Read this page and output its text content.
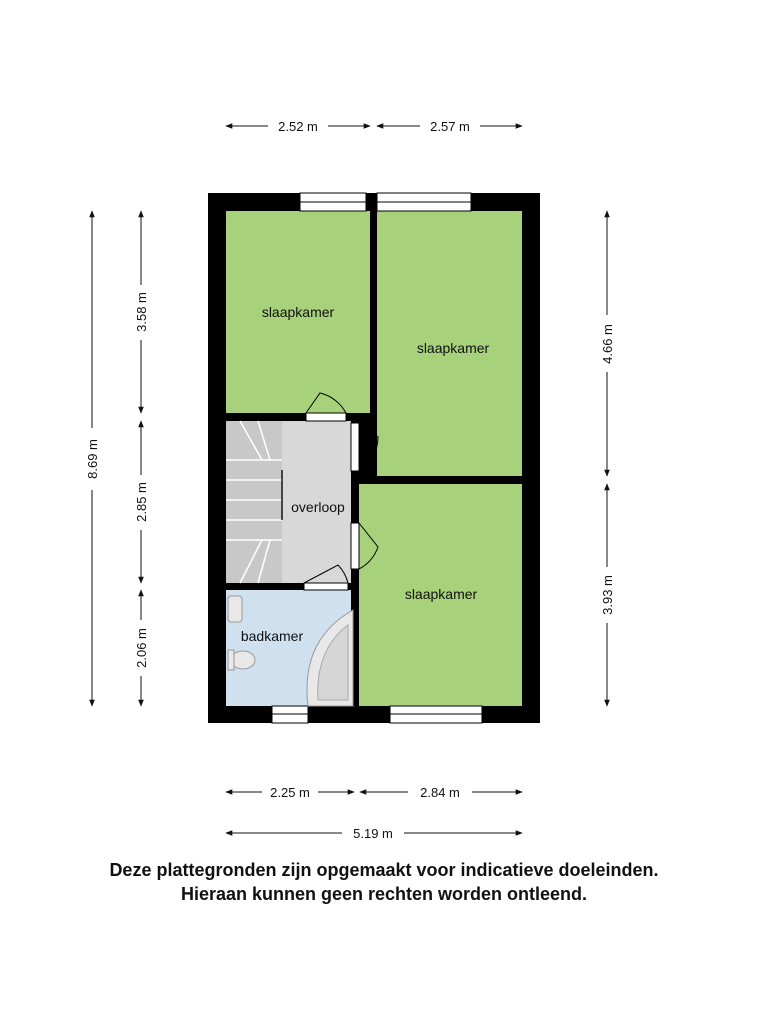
slaapkamer
slaapkamer
overloop
slaapkamer
badkamer
2.52 m	2.57 m
2.25 m	2.84 m
5.19 m
8.69 m
3.58 m
2.85 m
2.06 m
4.66 m
3.93 m
Deze plattegronden zijn opgemaakt voor indicatieve doeleinden.
Hieraan kunnen geen rechten worden ontleend.
